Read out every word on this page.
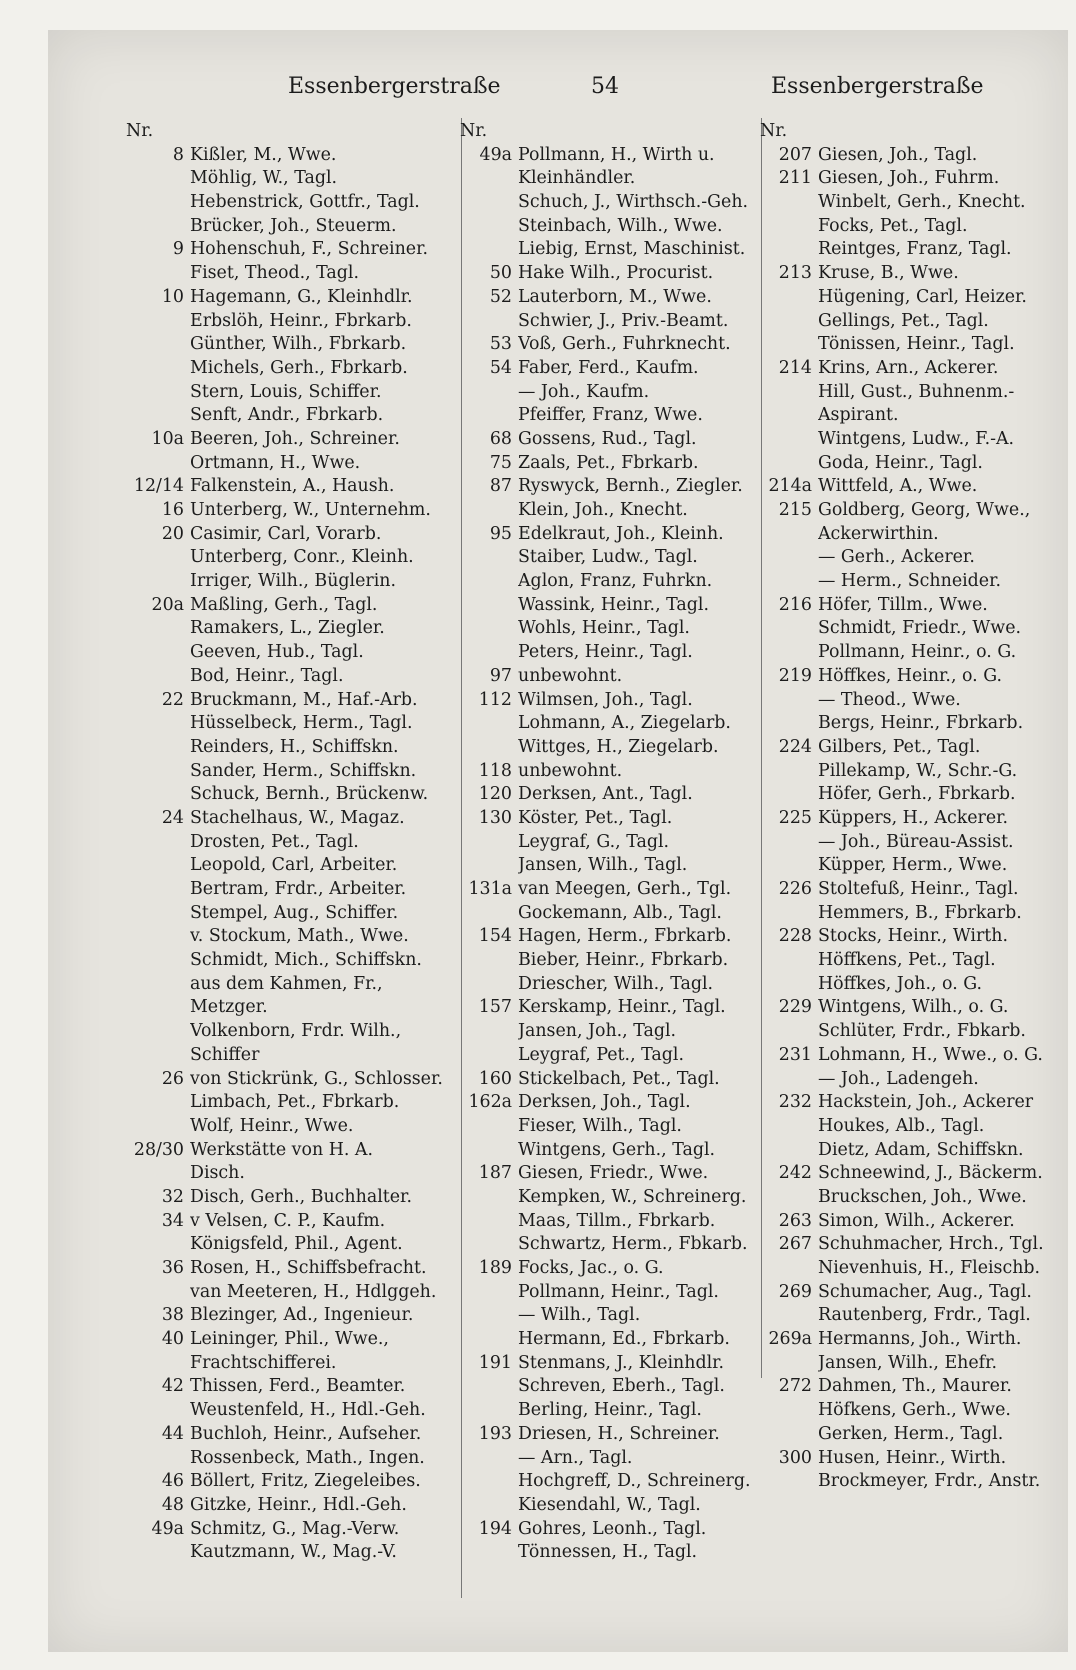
Essenbergerstraße	54	Essenbergerstraße
Nr.
8 Kißler, M., Wwe.
Möhlig, W., Tagl.
Hebenstrick, Gottfr., Tagl.
Brücker, Joh., Steuerm.
9 Hohenschuh, F., Schreiner.
Fiset, Theod., Tagl.
10 Hagemann, G., Kleinhdlr.
Erbslöh, Heinr., Fbrkarb.
Günther, Wilh., Fbrkarb.
Michels, Gerh., Fbrkarb.
Stern, Louis, Schiffer.
Senft, Andr., Fbrkarb.
10a Beeren, Joh., Schreiner.
Ortmann, H., Wwe.
12/14 Falkenstein, A., Haush.
16 Unterberg, W., Unternehm.
20 Casimir, Carl, Vorarb.
Unterberg, Conr., Kleinh.
Irriger, Wilh., Büglerin.
20a Maßling, Gerh., Tagl.
Ramakers, L., Ziegler.
Geeven, Hub., Tagl.
Bod, Heinr., Tagl.
22 Bruckmann, M., Haf.-Arb.
Hüsselbeck, Herm., Tagl.
Reinders, H., Schiffskn.
Sander, Herm., Schiffskn.
Schuck, Bernh., Brückenw.
24 Stachelhaus, W., Magaz.
Drosten, Pet., Tagl.
Leopold, Carl, Arbeiter.
Bertram, Frdr., Arbeiter.
Stempel, Aug., Schiffer.
v. Stockum, Math., Wwe.
Schmidt, Mich., Schiffskn.
aus dem Kahmen, Fr.,
Metzger.
Volkenborn, Frdr. Wilh.,
Schiffer
26 von Stickrünk, G., Schlosser.
Limbach, Pet., Fbrkarb.
Wolf, Heinr., Wwe.
28/30 Werkstätte von H. A.
Disch.
32 Disch, Gerh., Buchhalter.
34 v Velsen, C. P., Kaufm.
Königsfeld, Phil., Agent.
36 Rosen, H., Schiffsbefracht.
van Meeteren, H., Hdlggeh.
38 Blezinger, Ad., Ingenieur.
40 Leininger, Phil., Wwe.,
Frachtschifferei.
42 Thissen, Ferd., Beamter.
Weustenfeld, H., Hdl.-Geh.
44 Buchloh, Heinr., Aufseher.
Rossenbeck, Math., Ingen.
46 Böllert, Fritz, Ziegeleibes.
48 Gitzke, Heinr., Hdl.-Geh.
49a Schmitz, G., Mag.-Verw.
Kautzmann, W., Mag.-V.
Nr.
49a Pollmann, H., Wirth u.
Kleinhändler.
Schuch, J., Wirthsch.-Geh.
Steinbach, Wilh., Wwe.
Liebig, Ernst, Maschinist.
50 Hake Wilh., Procurist.
52 Lauterborn, M., Wwe.
Schwier, J., Priv.-Beamt.
53 Voß, Gerh., Fuhrknecht.
54 Faber, Ferd., Kaufm.
— Joh., Kaufm.
Pfeiffer, Franz, Wwe.
68 Gossens, Rud., Tagl.
75 Zaals, Pet., Fbrkarb.
87 Ryswyck, Bernh., Ziegler.
Klein, Joh., Knecht.
95 Edelkraut, Joh., Kleinh.
Staiber, Ludw., Tagl.
Aglon, Franz, Fuhrkn.
Wassink, Heinr., Tagl.
Wohls, Heinr., Tagl.
Peters, Heinr., Tagl.
97 unbewohnt.
112 Wilmsen, Joh., Tagl.
Lohmann, A., Ziegelarb.
Wittges, H., Ziegelarb.
118 unbewohnt.
120 Derksen, Ant., Tagl.
130 Köster, Pet., Tagl.
Leygraf, G., Tagl.
Jansen, Wilh., Tagl.
131a van Meegen, Gerh., Tgl.
Gockemann, Alb., Tagl.
154 Hagen, Herm., Fbrkarb.
Bieber, Heinr., Fbrkarb.
Driescher, Wilh., Tagl.
157 Kerskamp, Heinr., Tagl.
Jansen, Joh., Tagl.
Leygraf, Pet., Tagl.
160 Stickelbach, Pet., Tagl.
162a Derksen, Joh., Tagl.
Fieser, Wilh., Tagl.
Wintgens, Gerh., Tagl.
187 Giesen, Friedr., Wwe.
Kempken, W., Schreinerg.
Maas, Tillm., Fbrkarb.
Schwartz, Herm., Fbkarb.
189 Focks, Jac., o. G.
Pollmann, Heinr., Tagl.
— Wilh., Tagl.
Hermann, Ed., Fbrkarb.
191 Stenmans, J., Kleinhdlr.
Schreven, Eberh., Tagl.
Berling, Heinr., Tagl.
193 Driesen, H., Schreiner.
— Arn., Tagl.
Hochgreff, D., Schreinerg.
Kiesendahl, W., Tagl.
194 Gohres, Leonh., Tagl.
Tönnessen, H., Tagl.
Nr.
207 Giesen, Joh., Tagl.
211 Giesen, Joh., Fuhrm.
Winbelt, Gerh., Knecht.
Focks, Pet., Tagl.
Reintges, Franz, Tagl.
213 Kruse, B., Wwe.
Hügening, Carl, Heizer.
Gellings, Pet., Tagl.
Tönissen, Heinr., Tagl.
214 Krins, Arn., Ackerer.
Hill, Gust., Buhnenm.-
Aspirant.
Wintgens, Ludw., F.-A.
Goda, Heinr., Tagl.
214a Wittfeld, A., Wwe.
215 Goldberg, Georg, Wwe.,
Ackerwirthin.
— Gerh., Ackerer.
— Herm., Schneider.
216 Höfer, Tillm., Wwe.
Schmidt, Friedr., Wwe.
Pollmann, Heinr., o. G.
219 Höffkes, Heinr., o. G.
— Theod., Wwe.
Bergs, Heinr., Fbrkarb.
224 Gilbers, Pet., Tagl.
Pillekamp, W., Schr.-G.
Höfer, Gerh., Fbrkarb.
225 Küppers, H., Ackerer.
— Joh., Büreau-Assist.
Küpper, Herm., Wwe.
226 Stoltefuß, Heinr., Tagl.
Hemmers, B., Fbrkarb.
228 Stocks, Heinr., Wirth.
Höffkens, Pet., Tagl.
Höffkes, Joh., o. G.
229 Wintgens, Wilh., o. G.
Schlüter, Frdr., Fbkarb.
231 Lohmann, H., Wwe., o. G.
— Joh., Ladengeh.
232 Hackstein, Joh., Ackerer
Houkes, Alb., Tagl.
Dietz, Adam, Schiffskn.
242 Schneewind, J., Bäckerm.
Bruckschen, Joh., Wwe.
263 Simon, Wilh., Ackerer.
267 Schuhmacher, Hrch., Tgl.
Nievenhuis, H., Fleischb.
269 Schumacher, Aug., Tagl.
Rautenberg, Frdr., Tagl.
269a Hermanns, Joh., Wirth.
Jansen, Wilh., Ehefr.
272 Dahmen, Th., Maurer.
Höfkens, Gerh., Wwe.
Gerken, Herm., Tagl.
300 Husen, Heinr., Wirth.
Brockmeyer, Frdr., Anstr.
